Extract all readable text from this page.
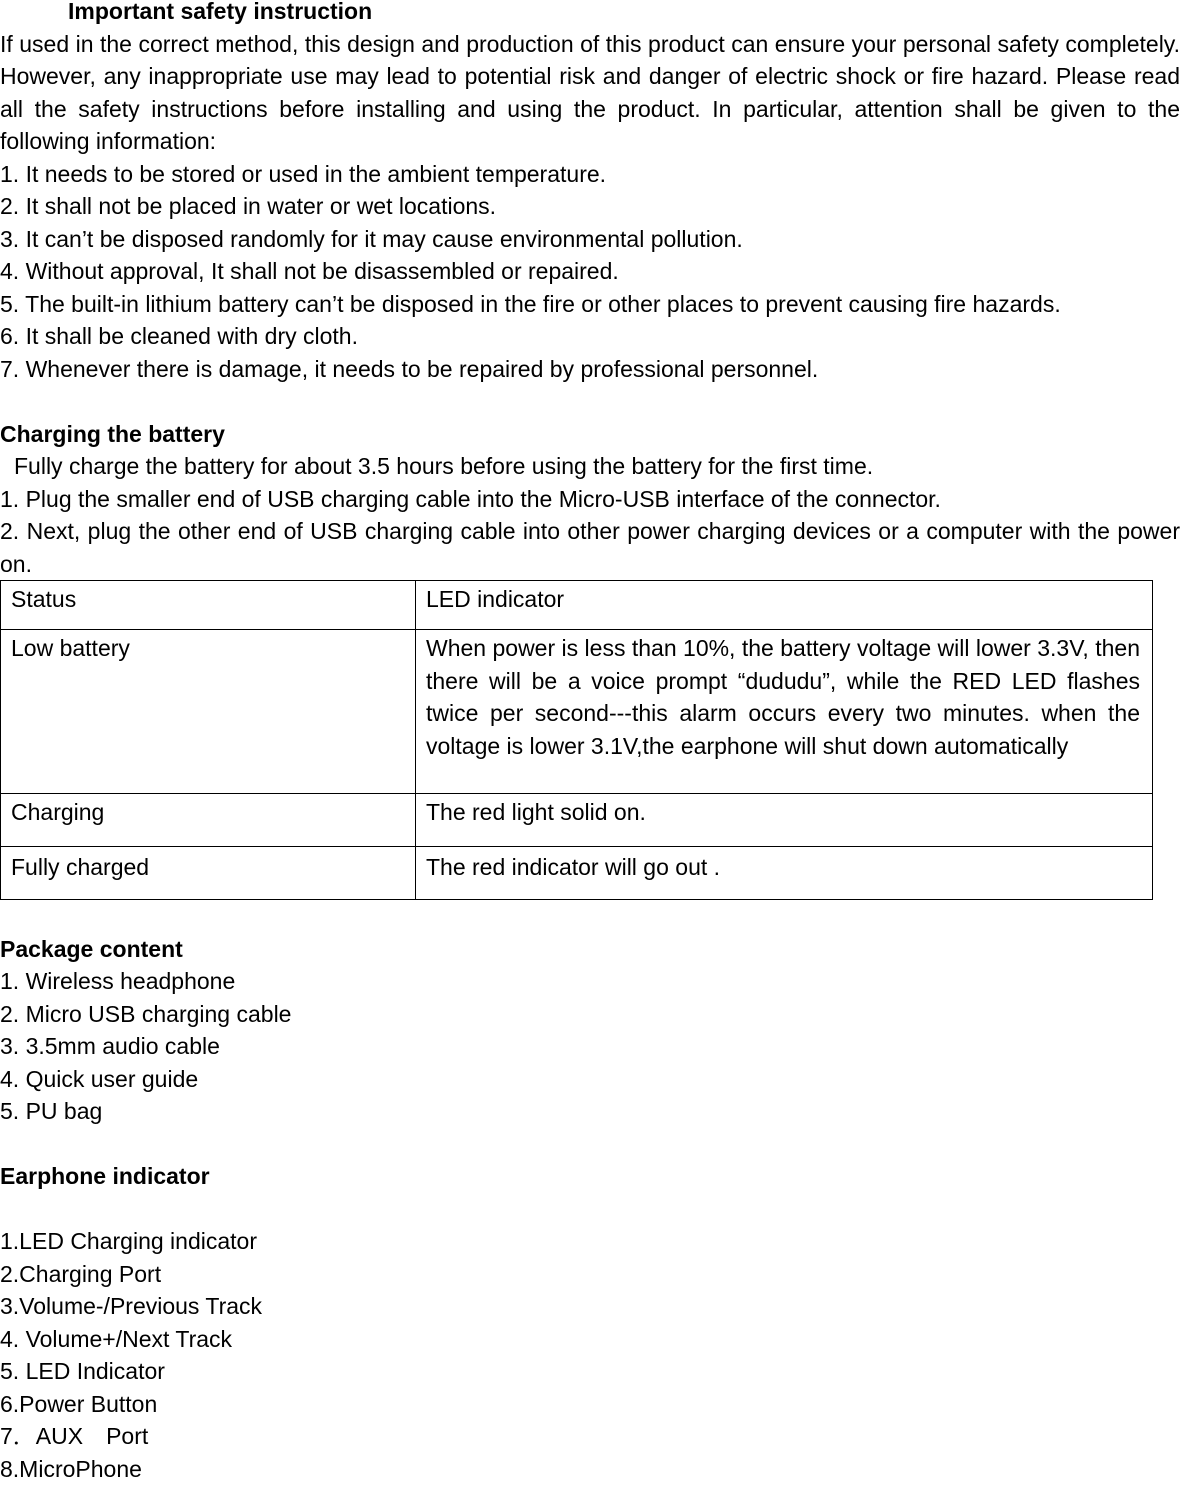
Important safety instruction

If used in the correct method, this design and production of this product can ensure your personal safety completely. However, any inappropriate use may lead to potential risk and danger of electric shock or fire hazard. Please read all the safety instructions before installing and using the product. In particular, attention shall be given to the following information:

1. It needs to be stored or used in the ambient temperature.

2. It shall not be placed in water or wet locations.

3. It can’t be disposed randomly for it may cause environmental pollution.

4. Without approval, It shall not be disassembled or repaired.

5. The built-in lithium battery can’t be disposed in the fire or other places to prevent causing fire hazards.

6. It shall be cleaned with dry cloth.

7. Whenever there is damage, it needs to be repaired by professional personnel.

Charging the battery

Fully charge the battery for about 3.5 hours before using the battery for the first time.

1. Plug the smaller end of USB charging cable into the Micro-USB interface of the connector.

2. Next, plug the other end of USB charging cable into other power charging devices or a computer with the power on.

Status	LED indicator

Low battery	When power is less than 10%, the battery voltage will lower 3.3V, then there will be a voice prompt “dududu”, while the RED LED flashes twice per second---this alarm occurs every two minutes. when the voltage is lower 3.1V,the earphone will shut down automatically

Charging	The red light solid on.

Fully charged	The red indicator will go out .

Package content

1. Wireless headphone

2. Micro USB charging cable

3. 3.5mm audio cable

4. Quick user guide

5. PU bag

Earphone indicator

1.LED Charging indicator

2.Charging Port

3.Volume-/Previous Track

4. Volume+/Next Track

5. LED Indicator

6.Power Button

7．AUX　Port

8.MicroPhone
